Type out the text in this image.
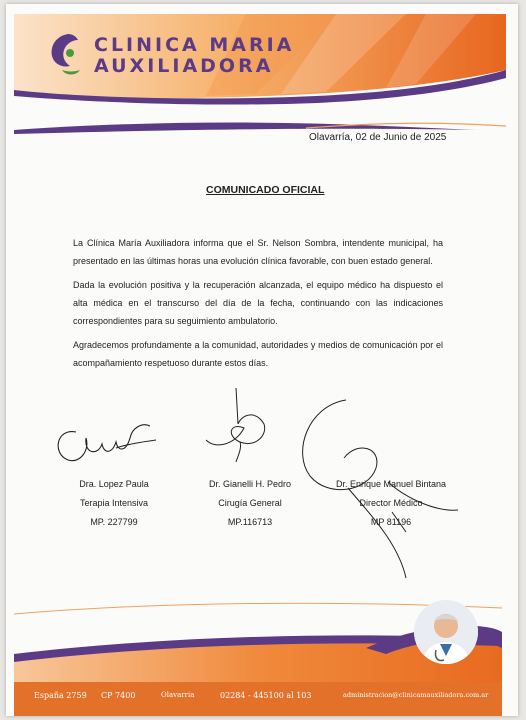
CLINICA MARIA
AUXILIADORA
Olavarría, 02 de Junio de 2025
COMUNICADO OFICIAL
La Clínica María Auxiliadora informa que el Sr. Nelson Sombra, intendente municipal, ha presentado en las últimas horas una evolución clínica favorable, con buen estado general.
Dada la evolución positiva y la recuperación alcanzada, el equipo médico ha dispuesto el alta médica en el transcurso del día de la fecha, continuando con las indicaciones correspondientes para su seguimiento ambulatorio.
Agradecemos profundamente a la comunidad, autoridades y medios de comunicación por el acompañamiento respetuoso durante estos días.
Dra. Lopez Paula
Terapia Intensiva
MP. 227799
Dr. Gianelli H. Pedro
Cirugía General
MP.116713
Dr. Enrique Manuel Bintana
Director Médico
MP 81196
España 2759 CP 7400	Olavarria	02284 - 445100 al 103	administracion@clinicamauxiliadora.com.ar
